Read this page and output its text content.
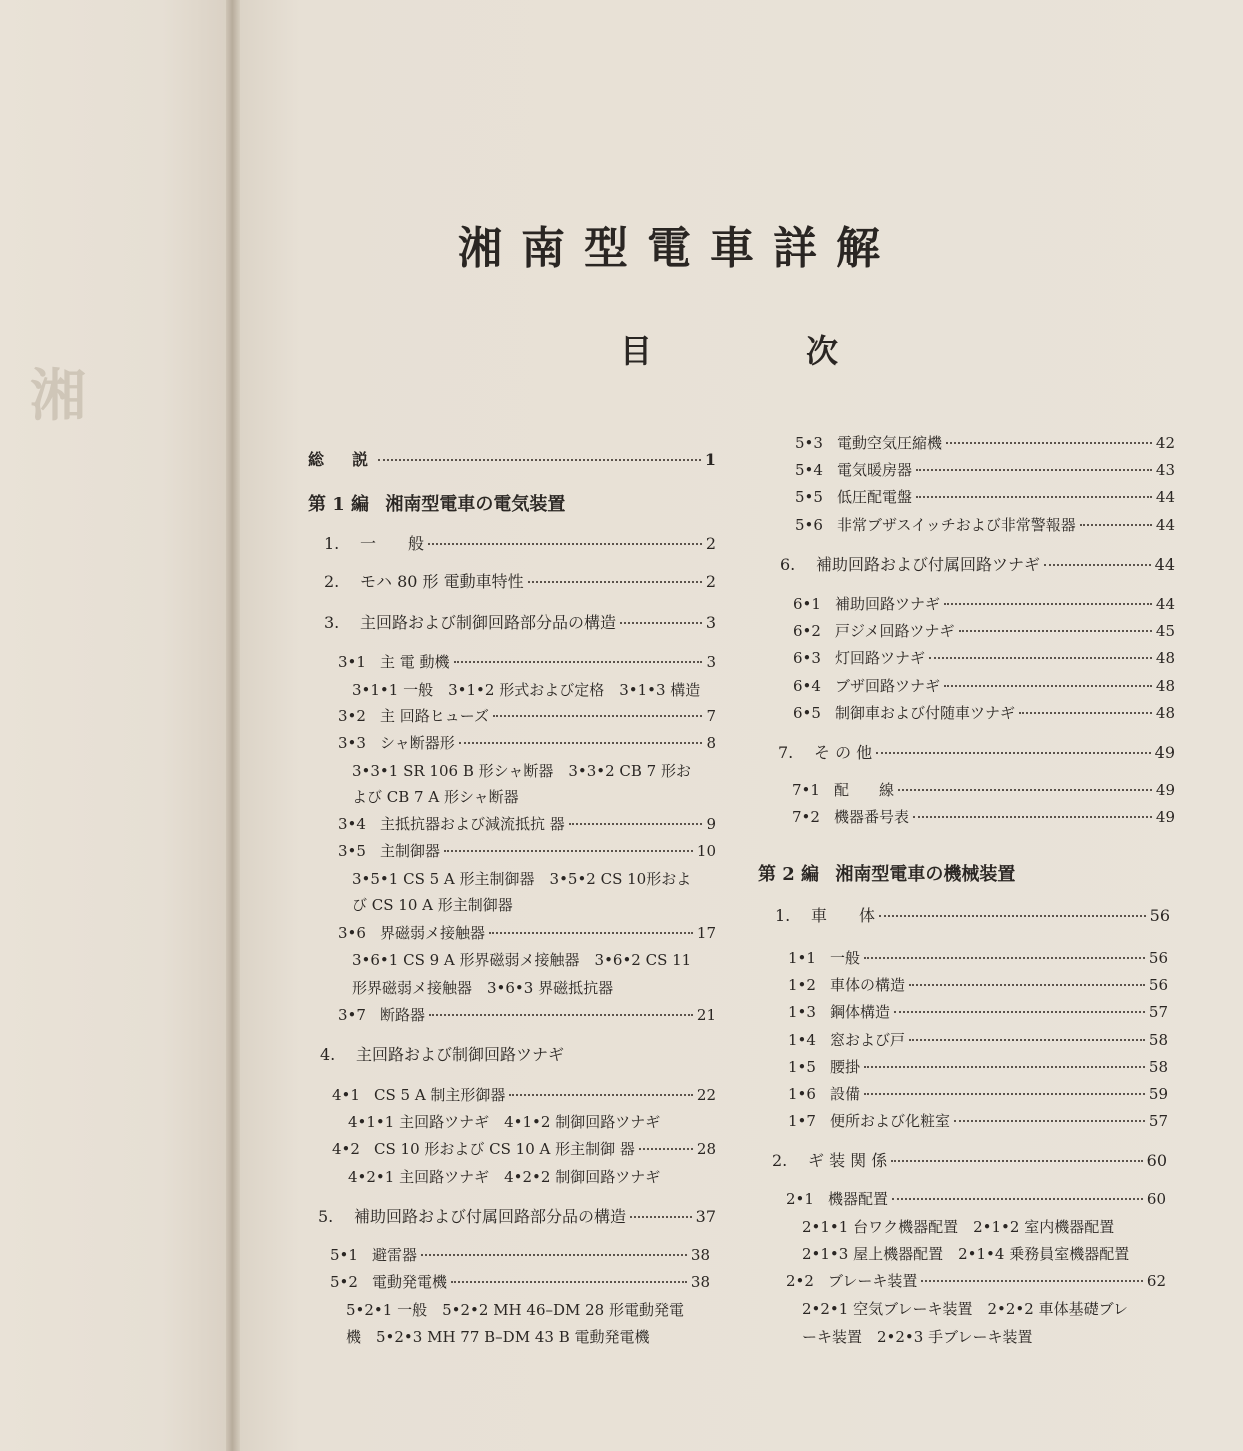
湘
湘南型電車詳解
目	次
総　説	1
第 1 編 湘南型電車の電気装置
1.	一　　般	2
2.	モハ 80 形 電動車特性	2
3.	主回路および制御回路部分品の構造	3
3•1 主 電 動機	3
3•1•1 一般　3•1•2 形式および定格　3•1•3 構造
3•2 主 回路ヒューズ	7
3•3 シャ断器形	8
3•3•1 SR 106 B 形シャ断器　3•3•2 CB 7 形お
よび CB 7 A 形シャ断器
3•4 主抵抗器および減流抵抗 器	9
3•5 主制御器	10
3•5•1 CS 5 A 形主制御器　3•5•2 CS 10形およ
び CS 10 A 形主制御器
3•6 界磁弱メ接触器	17
3•6•1 CS 9 A 形界磁弱メ接触器　3•6•2 CS 11
形界磁弱メ接触器　3•6•3 界磁抵抗器
3•7 断路器	21
4.	主回路および制御回路ツナギ
4•1 CS 5 A 制主形御器	22
4•1•1 主回路ツナギ　4•1•2 制御回路ツナギ
4•2 CS 10 形および CS 10 A 形主制御 器	28
4•2•1 主回路ツナギ　4•2•2 制御回路ツナギ
5.	補助回路および付属回路部分品の構造	37
5•1 避雷器	38
5•2 電動発電機	38
5•2•1 一般　5•2•2 MH 46–DM 28 形電動発電
機　5•2•3 MH 77 B–DM 43 B 電動発電機
5•3 電動空気圧縮機	42
5•4 電気暖房器	43
5•5 低圧配電盤	44
5•6 非常ブザスイッチおよび非常警報器	44
6.	補助回路および付属回路ツナギ	44
6•1 補助回路ツナギ	44
6•2 戸ジメ回路ツナギ	45
6•3 灯回路ツナギ	48
6•4 ブザ回路ツナギ	48
6•5 制御車および付随車ツナギ	48
7.	そ の 他	49
7•1 配　　線	49
7•2 機器番号表	49
第 2 編 湘南型電車の機械装置
1.	車　　体	56
1•1 一般	56
1•2 車体の構造	56
1•3 鋼体構造	57
1•4 窓および戸	58
1•5 腰掛	58
1•6 設備	59
1•7 便所および化粧室	57
2.	ギ 装 関 係	60
2•1 機器配置	60
2•1•1 台ワク機器配置　2•1•2 室内機器配置
2•1•3 屋上機器配置　2•1•4 乗務員室機器配置
2•2 ブレーキ装置	62
2•2•1 空気ブレーキ装置　2•2•2 車体基礎ブレ
ーキ装置　2•2•3 手ブレーキ装置
